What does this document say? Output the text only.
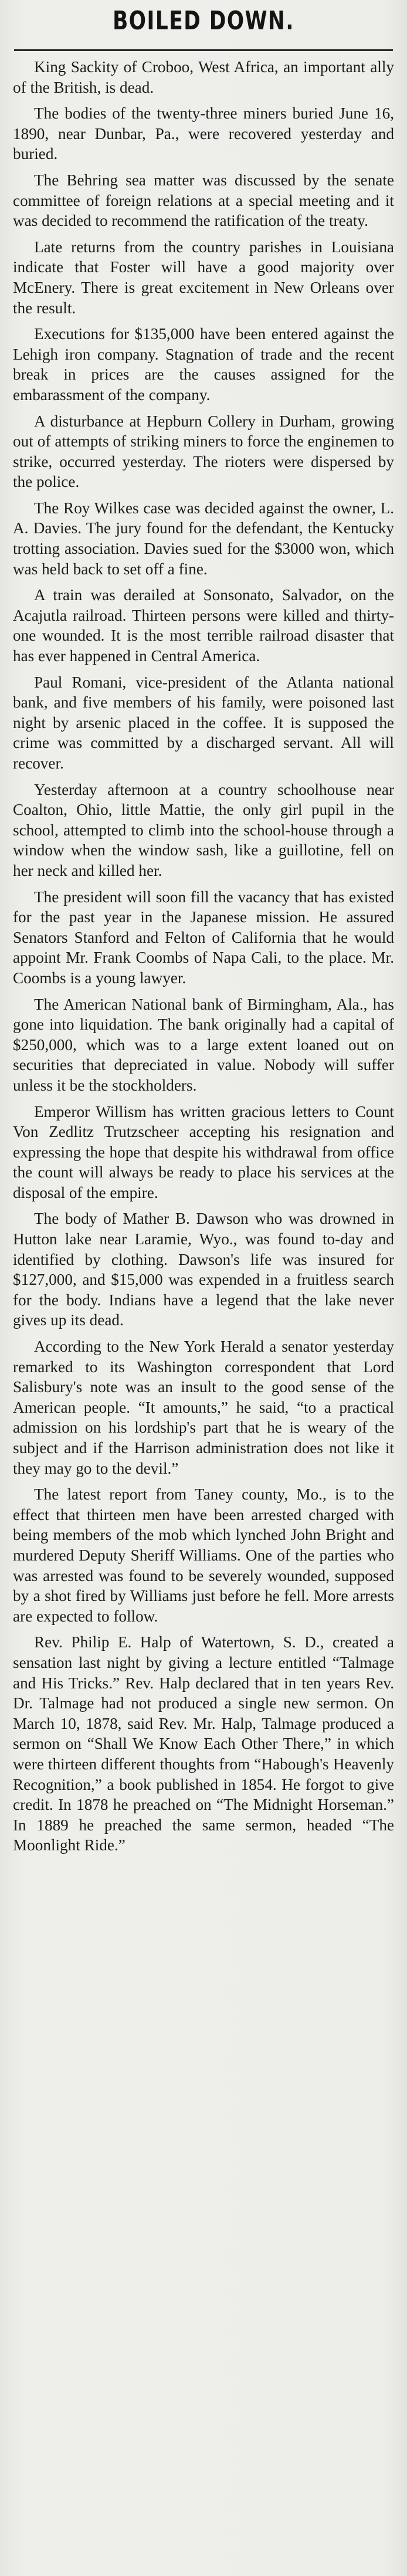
BOILED DOWN.

King Sackity of Croboo, West Africa, an important ally of the British, is dead.

The bodies of the twenty-three miners buried June 16, 1890, near Dunbar, Pa., were recovered yesterday and buried.

The Behring sea matter was discussed by the senate committee of foreign relations at a special meeting and it was decided to recommend the ratification of the treaty.

Late returns from the country parishes in Louisiana indicate that Foster will have a good majority over McEnery. There is great excitement in New Orleans over the result.

Executions for $135,000 have been entered against the Lehigh iron company. Stagnation of trade and the recent break in prices are the causes assigned for the embarassment of the company.

A disturbance at Hepburn Collery in Durham, growing out of attempts of striking miners to force the enginemen to strike, occurred yesterday. The rioters were dispersed by the police.

The Roy Wilkes case was decided against the owner, L. A. Davies. The jury found for the defendant, the Kentucky trotting association. Davies sued for the $3000 won, which was held back to set off a fine.

A train was derailed at Sonsonato, Salvador, on the Acajutla railroad. Thirteen persons were killed and thirty-one wounded. It is the most terrible railroad disaster that has ever happened in Central America.

Paul Romani, vice-president of the Atlanta national bank, and five members of his family, were poisoned last night by arsenic placed in the coffee. It is supposed the crime was committed by a discharged servant. All will recover.

Yesterday afternoon at a country schoolhouse near Coalton, Ohio, little Mattie, the only girl pupil in the school, attempted to climb into the school-house through a window when the window sash, like a guillotine, fell on her neck and killed her.

The president will soon fill the vacancy that has existed for the past year in the Japanese mission. He assured Senators Stanford and Felton of California that he would appoint Mr. Frank Coombs of Napa Cali, to the place. Mr. Coombs is a young lawyer.

The American National bank of Birmingham, Ala., has gone into liquidation. The bank originally had a capital of $250,000, which was to a large extent loaned out on securities that depreciated in value. Nobody will suffer unless it be the stockholders.

Emperor Willism has written gracious letters to Count Von Zedlitz Trutzscheer accepting his resignation and expressing the hope that despite his withdrawal from office the count will always be ready to place his services at the disposal of the empire.

The body of Mather B. Dawson who was drowned in Hutton lake near Laramie, Wyo., was found to-day and identified by clothing. Dawson's life was insured for $127,000, and $15,000 was expended in a fruitless search for the body. Indians have a legend that the lake never gives up its dead.

According to the New York Herald a senator yesterday remarked to its Washington correspondent that Lord Salisbury's note was an insult to the good sense of the American people. “It amounts,” he said, “to a practical admission on his lordship's part that he is weary of the subject and if the Harrison administration does not like it they may go to the devil.”

The latest report from Taney county, Mo., is to the effect that thirteen men have been arrested charged with being members of the mob which lynched John Bright and murdered Deputy Sheriff Williams. One of the parties who was arrested was found to be severely wounded, supposed by a shot fired by Williams just before he fell. More arrests are expected to follow.

Rev. Philip E. Halp of Watertown, S. D., created a sensation last night by giving a lecture entitled “Talmage and His Tricks.” Rev. Halp declared that in ten years Rev. Dr. Talmage had not produced a single new sermon. On March 10, 1878, said Rev. Mr. Halp, Talmage produced a sermon on “Shall We Know Each Other There,” in which were thirteen different thoughts from “Habough's Heavenly Recognition,” a book published in 1854. He forgot to give credit. In 1878 he preached on “The Midnight Horseman.” In 1889 he preached the same sermon, headed “The Moonlight Ride.”
